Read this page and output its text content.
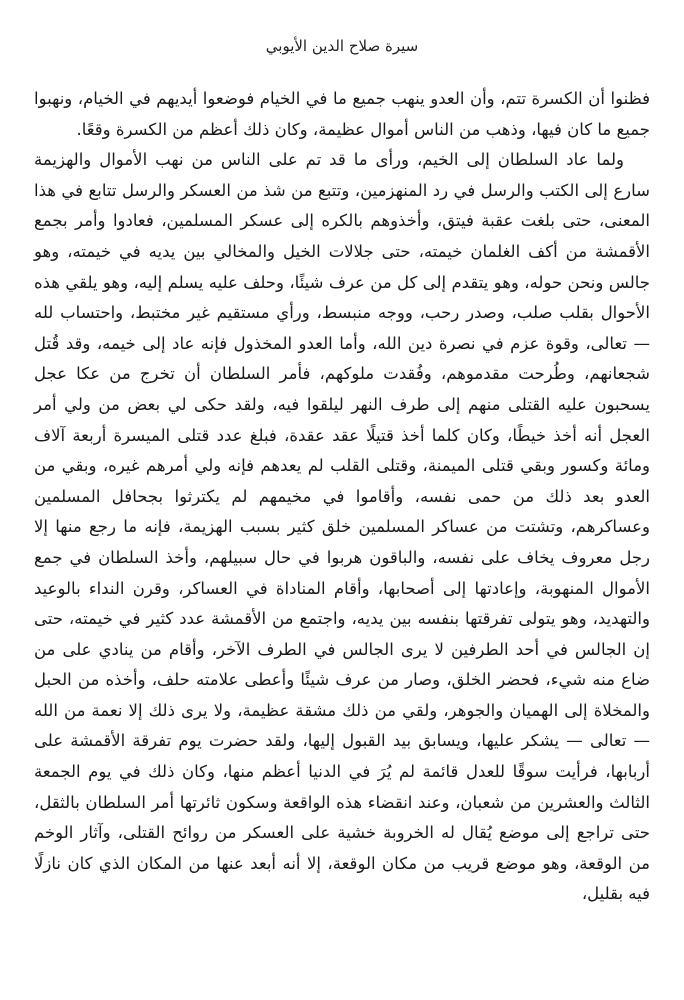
سيرة صلاح الدين الأيوبي

فظنوا أن الكسرة تتم، وأن العدو ينهب جميع ما في الخيام فوضعوا أيديهم في الخيام، ونهبوا جميع ما كان فيها، وذهب من الناس أموال عظيمة، وكان ذلك أعظم من الكسرة وقعًا.

ولما عاد السلطان إلى الخيم، ورأى ما قد تم على الناس من نهب الأموال والهزيمة سارع إلى الكتب والرسل في رد المنهزمين، وتتبع من شذ من العسكر والرسل تتابع في هذا المعنى، حتى بلغت عقبة فيتق، وأخذوهم بالكره إلى عسكر المسلمين، فعادوا وأمر بجمع الأقمشة من أكف الغلمان خيمته، حتى جلالات الخيل والمخالي بين يديه في خيمته، وهو جالس ونحن حوله، وهو يتقدم إلى كل من عرف شيئًا، وحلف عليه يسلم إليه، وهو يلقي هذه الأحوال بقلب صلب، وصدر رحب، ووجه منبسط، ورأي مستقيم غير مختبط، واحتساب لله — تعالى، وقوة عزم في نصرة دين الله، وأما العدو المخذول فإنه عاد إلى خيمه، وقد قُتل شجعانهم، وطُرحت مقدموهم، وفُقدت ملوكهم، فأمر السلطان أن تخرج من عكا عجل يسحبون عليه القتلى منهم إلى طرف النهر ليلقوا فيه، ولقد حكى لي بعض من ولي أمر العجل أنه أخذ خيطًا، وكان كلما أخذ قتيلًا عقد عقدة، فبلغ عدد قتلى الميسرة أربعة آلاف ومائة وكسور وبقي قتلى الميمنة، وقتلى القلب لم يعدهم فإنه ولي أمرهم غيره، وبقي من العدو بعد ذلك من حمى نفسه، وأقاموا في مخيمهم لم يكترثوا بجحافل المسلمين وعساكرهم، وتشتت من عساكر المسلمين خلق كثير بسبب الهزيمة، فإنه ما رجع منها إلا رجل معروف يخاف على نفسه، والباقون هربوا في حال سبيلهم، وأخذ السلطان في جمع الأموال المنهوبة، وإعادتها إلى أصحابها، وأقام المناداة في العساكر، وقرن النداء بالوعيد والتهديد، وهو يتولى تفرقتها بنفسه بين يديه، واجتمع من الأقمشة عدد كثير في خيمته، حتى إن الجالس في أحد الطرفين لا يرى الجالس في الطرف الآخر، وأقام من ينادي على من ضاع منه شيء، فحضر الخلق، وصار من عرف شيئًا وأعطى علامته حلف، وأخذه من الحبل والمخلاة إلى الهميان والجوهر، ولقي من ذلك مشقة عظيمة، ولا يرى ذلك إلا نعمة من الله — تعالى — يشكر عليها، ويسابق بيد القبول إليها، ولقد حضرت يوم تفرقة الأقمشة على أربابها، فرأيت سوقًا للعدل قائمة لم يُرَ في الدنيا أعظم منها، وكان ذلك في يوم الجمعة الثالث والعشرين من شعبان، وعند انقضاء هذه الواقعة وسكون ثائرتها أمر السلطان بالثقل، حتى تراجع إلى موضع يُقال له الخروبة خشية على العسكر من روائح القتلى، وآثار الوخم من الوقعة، وهو موضع قريب من مكان الوقعة، إلا أنه أبعد عنها من المكان الذي كان نازلًا فيه بقليل،
